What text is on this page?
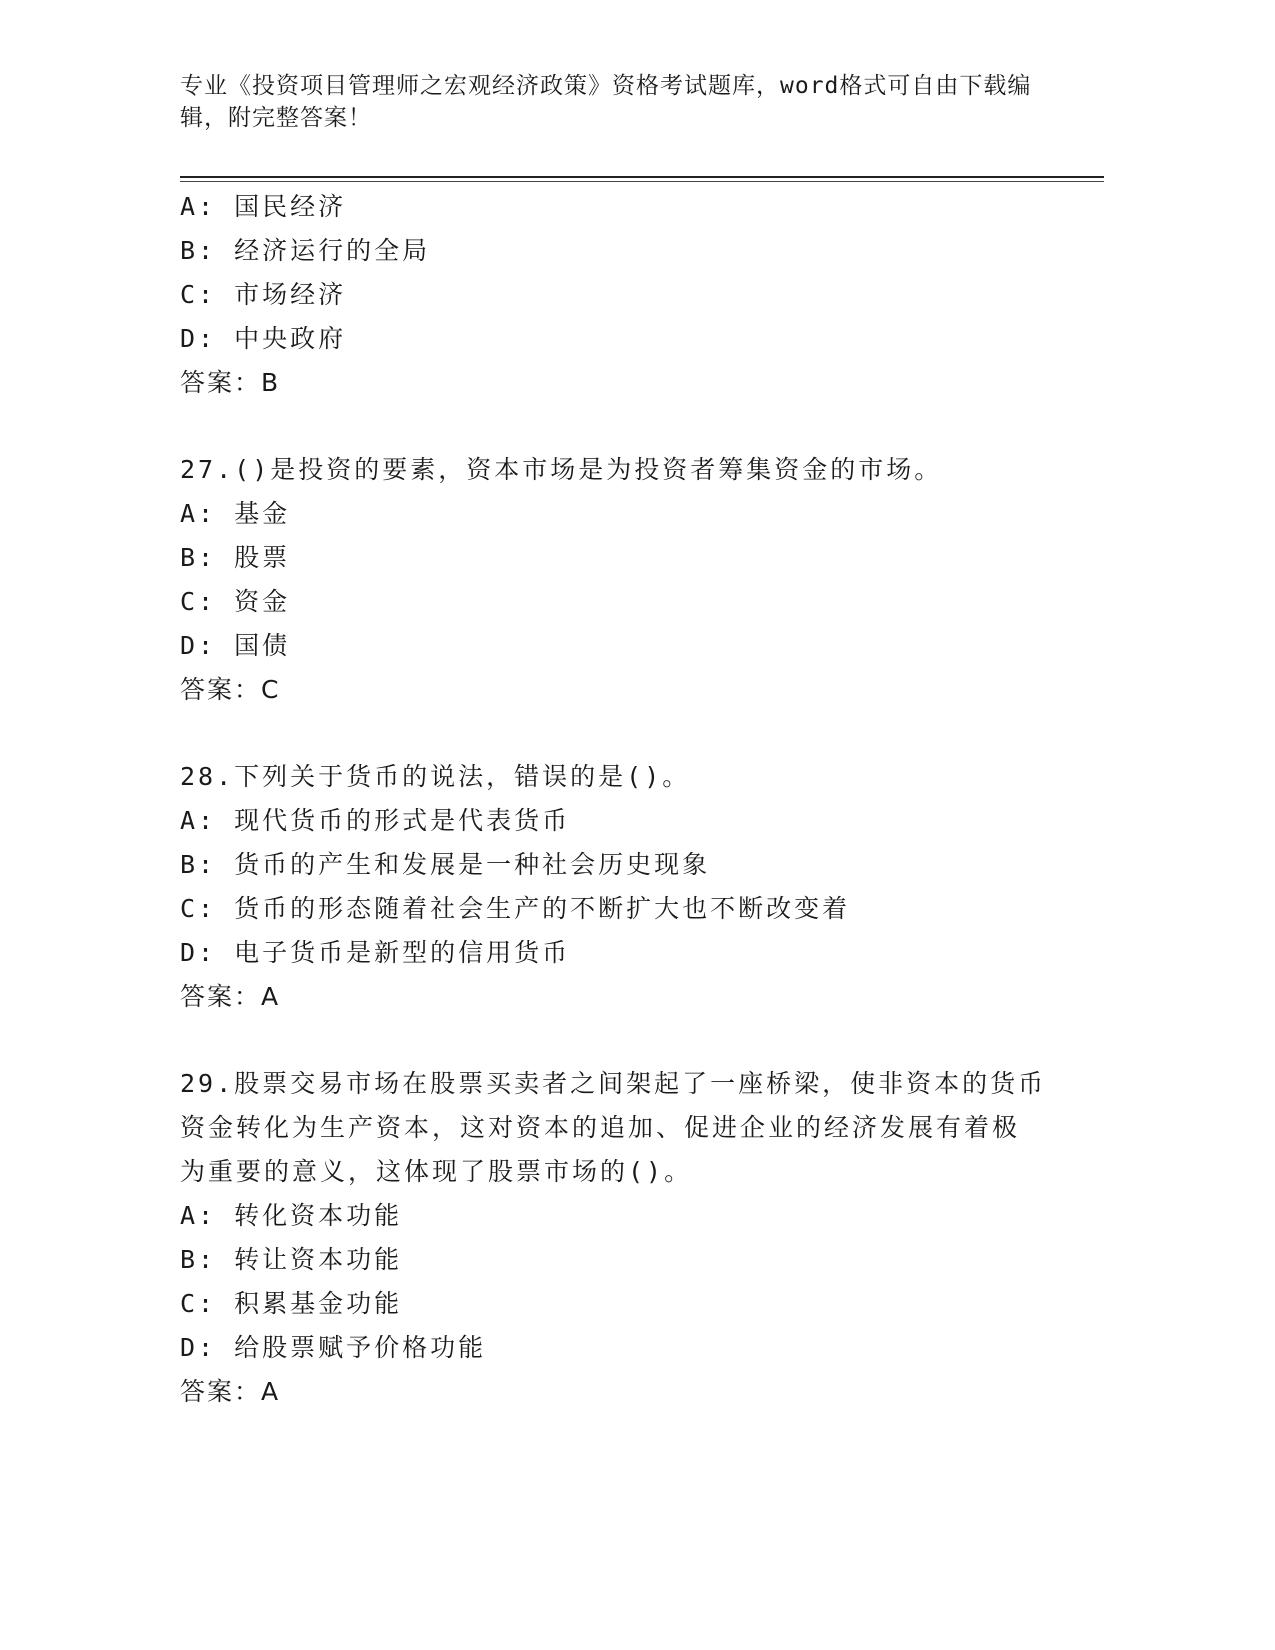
专业《投资项目管理师之宏观经济政策》资格考试题库，word格式可自由下载编辑，附完整答案！
A: 国民经济
B: 经济运行的全局
C: 市场经济
D: 中央政府
答案：B
27.()是投资的要素，资本市场是为投资者筹集资金的市场。
A: 基金
B: 股票
C: 资金
D: 国债
答案：C
28.下列关于货币的说法，错误的是()。
A: 现代货币的形式是代表货币
B: 货币的产生和发展是一种社会历史现象
C: 货币的形态随着社会生产的不断扩大也不断改变着
D: 电子货币是新型的信用货币
答案：A
29.股票交易市场在股票买卖者之间架起了一座桥梁，使非资本的货币
资金转化为生产资本，这对资本的追加、促进企业的经济发展有着极
为重要的意义，这体现了股票市场的()。
A: 转化资本功能
B: 转让资本功能
C: 积累基金功能
D: 给股票赋予价格功能
答案：A
